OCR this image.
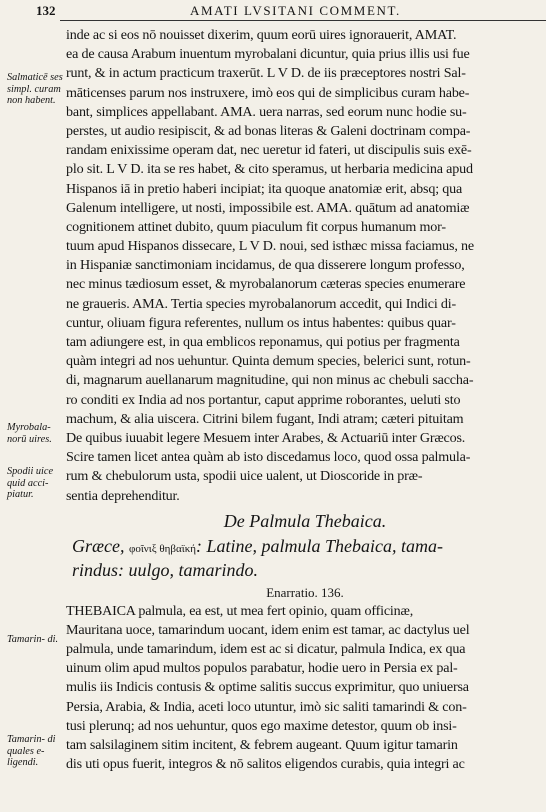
132	AMATI LVSITANI COMMENT.
Salmaticē ses simpl. curam non habent.
Myrobala- norū uires.
Spodii uice quid acci- piatur.
Tamarin- di.
Tamarin- di quales e- ligendi.
inde ac si eos nō nouisset dixerim, quum eorū uires ignorauerit, AMAT.
ea de causa Arabum inuentum myrobalani dicuntur, quia prius illis usi fue
runt, & in actum practicum traxerūt. L V D. de iis præceptores nostri Sal-
māticenses parum nos instruxere, imò eos qui de simplicibus curam habe-
bant, simplices appellabant. AMA. uera narras, sed eorum nunc hodie su-
perstes, ut audio resipiscit, & ad bonas literas & Galeni doctrinam compa-
randam enixissime operam dat, nec ueretur id fateri, ut discipulis suis exē-
plo sit. L V D. ita se res habet, & cito speramus, ut herbaria medicina apud
Hispanos iā in pretio haberi incipiat; ita quoque anatomiæ erit, absq; qua
Galenum intelligere, ut nosti, impossibile est. AMA. quātum ad anatomiæ
cognitionem attinet dubito, quum piaculum fit corpus humanum mor-
tuum apud Hispanos dissecare, L V D. noui, sed isthæc missa faciamus, ne
in Hispaniæ sanctimoniam incidamus, de qua disserere longum professo,
nec minus tædiosum esset, & myrobalanorum cæteras species enumerare
ne graueris. AMA. Tertia species myrobalanorum accedit, qui Indici di-
cuntur, oliuam figura referentes, nullum os intus habentes: quibus quar-
tam adiungere est, in qua emblicos reponamus, qui potius per fragmenta
quàm integri ad nos ueh​untur. Quinta demum species, belerici sunt, rotun-
di, magnarum auellanarum magnitudine, qui non minus ac chebuli saccha-
ro conditi ex India ad nos portantur, caput apprime roborantes, ueluti sto
machum, & alia uiscera. Citrini bilem fugant, Indi atram; cæteri pituitam
De quibus iuuabit legere Mesuem inter Arabes, & Actuariū inter Græcos.
Scire tamen licet antea quàm ab isto discedamus loco, quod ossa palmula-
rum & chebulorum usta, spodii uice ualent, ut Dioscoride in præ-
sentia deprehenditur.
De Palmula Thebaica.
Græce, φοῖνιξ θηβαϊκή: Latine, palmula Thebaica, tama-
rindus: uulgo, tamarindo.
Enarratio. 136.
THEBAICA palmula, ea est, ut mea fert opinio, quam officinæ,
Mauritana uoce, tamarindum uocant, idem enim est tamar, ac dactylus uel
palmula, unde tamarindum, idem est ac si dicatur, palmula Indica, ex qua
uinum olim apud multos populos parabatur, hodie uero in Persia ex pal-
mulis iis Indicis contusis & optime salitis succus exprimitur, quo uniuersa
Persia, Arabia, & India, aceti loco utuntur, imò sic saliti tamarindi & con-
tusi plerunq; ad nos ueh​untur, quos ego maxime detestor, quum ob insi-
tam salsilaginem sitim incitent, & febrem augeant. Quum igitur tamarin
dis uti opus fuerit, integros & nō salitos eligendos curabis, quia integri ac
